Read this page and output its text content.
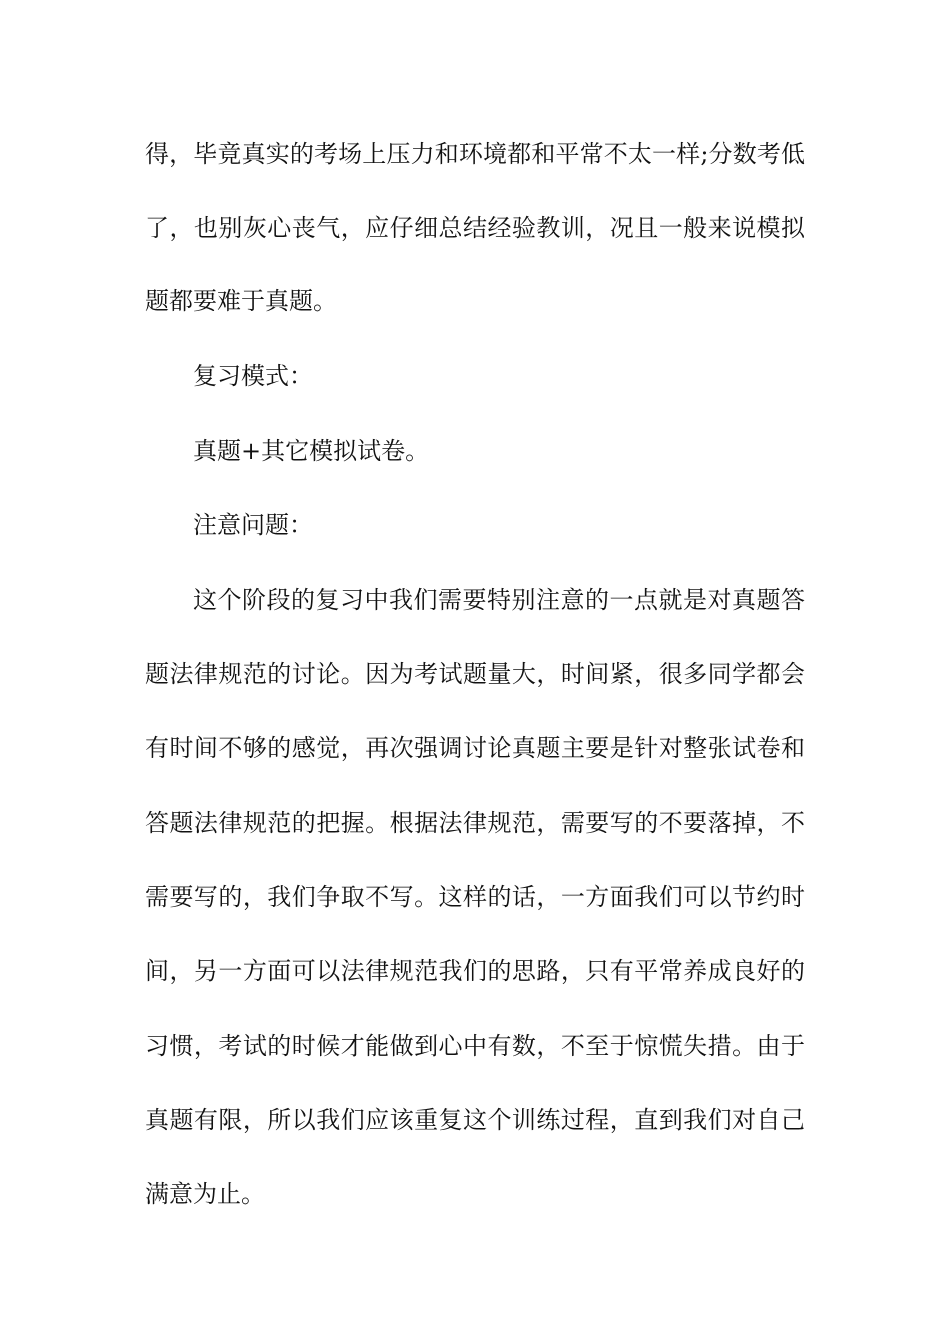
得，毕竟真实的考场上压力和环境都和平常不太一样;分数考低
了，也别灰心丧气，应仔细总结经验教训，况且一般来说模拟
题都要难于真题。
复习模式：
真题+其它模拟试卷。
注意问题：
这个阶段的复习中我们需要特别注意的一点就是对真题答
题法律规范的讨论。因为考试题量大，时间紧，很多同学都会
有时间不够的感觉，再次强调讨论真题主要是针对整张试卷和
答题法律规范的把握。根据法律规范，需要写的不要落掉，不
需要写的，我们争取不写。这样的话，一方面我们可以节约时
间，另一方面可以法律规范我们的思路，只有平常养成良好的
习惯，考试的时候才能做到心中有数，不至于惊慌失措。由于
真题有限，所以我们应该重复这个训练过程，直到我们对自己
满意为止。
